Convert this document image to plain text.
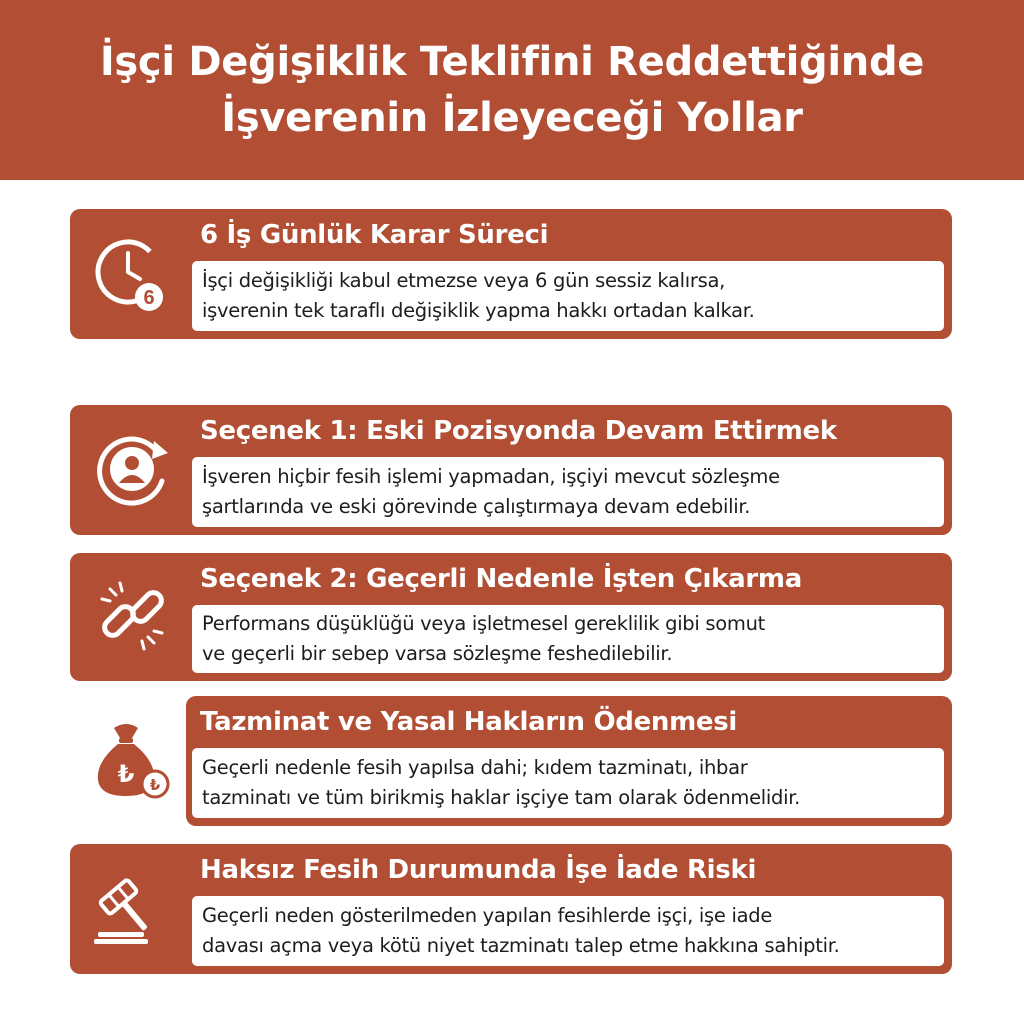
İşçi Değişiklik Teklifini Reddettiğinde
İşverenin İzleyeceği Yollar
6
6 İş Günlük Karar Süreci
İşçi değişikliği kabul etmezse veya 6 gün sessiz kalırsa,
işverenin tek taraflı değişiklik yapma hakkı ortadan kalkar.
Seçenek 1: Eski Pozisyonda Devam Ettirmek
İşveren hiçbir fesih işlemi yapmadan, işçiyi mevcut sözleşme
şartlarında ve eski görevinde çalıştırmaya devam edebilir.
Seçenek 2: Geçerli Nedenle İşten Çıkarma
Performans düşüklüğü veya işletmesel gereklilik gibi somut
ve geçerli bir sebep varsa sözleşme feshedilebilir.
₺ ₺
Tazminat ve Yasal Hakların Ödenmesi
Geçerli nedenle fesih yapılsa dahi; kıdem tazminatı, ihbar
tazminatı ve tüm birikmiş haklar işçiye tam olarak ödenmelidir.
Haksız Fesih Durumunda İşe İade Riski
Geçerli neden gösterilmeden yapılan fesihlerde işçi, işe iade
davası açma veya kötü niyet tazminatı talep etme hakkına sahiptir.
